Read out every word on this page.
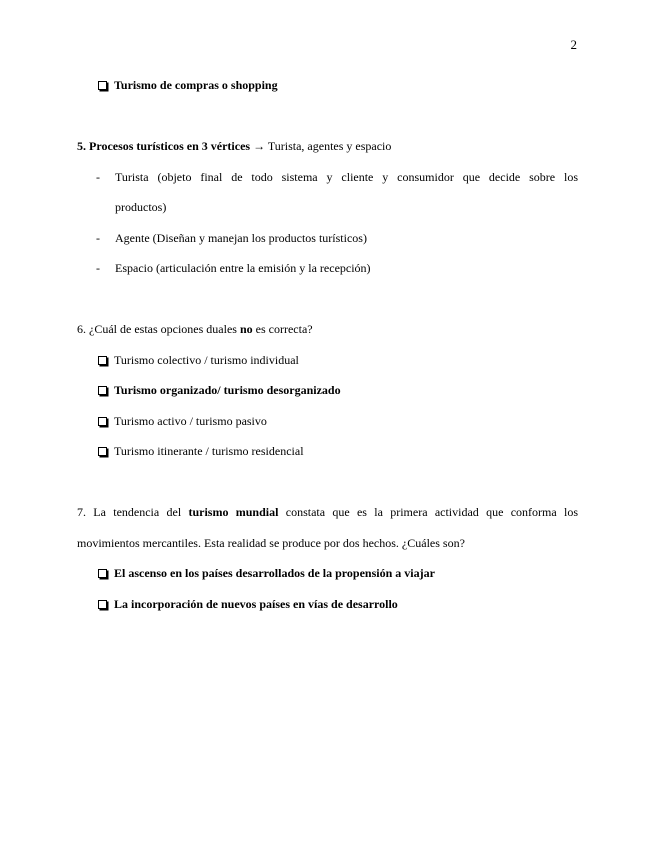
2
Turismo de compras o shopping
5. Procesos turísticos en 3 vértices → Turista, agentes y espacio
- Turista (objeto final de todo sistema y cliente y consumidor que decide sobre los
productos)
- Agente (Diseñan y manejan los productos turísticos)
- Espacio (articulación entre la emisión y la recepción)
6. ¿Cuál de estas opciones duales no es correcta?
Turismo colectivo / turismo individual
Turismo organizado/ turismo desorganizado
Turismo activo / turismo pasivo
Turismo itinerante / turismo residencial
7. La tendencia del turismo mundial constata que es la primera actividad que conforma los
movimientos mercantiles. Esta realidad se produce por dos hechos. ¿Cuáles son?
El ascenso en los países desarrollados de la propensión a viajar
La incorporación de nuevos países en vías de desarrollo
